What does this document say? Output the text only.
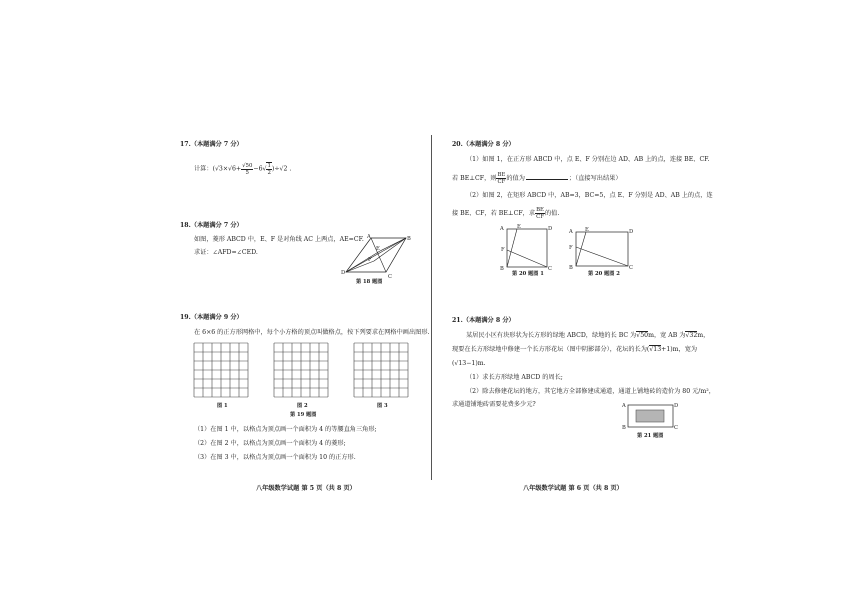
17.（本题满分 7 分）
计算：$(√3\times√6+ \frac{√50}{5} -6√ \frac{1}{2} )\div√2$ .
18.（本题满分 7 分）
如图，菱形 ABCD 中，E、F 是对角线 AC 上两点，AE=CF.
求证：∠AFD=∠CED.
A	B
C
D
E
F
第 18 题图
19.（本题满分 9 分）
在 6×6 的正方形网格中，每个小方格的顶点叫做格点，按下列要求在网格中画出图形.
图 1	图 2	图 3
第 19 题图
（1）在图 1 中，以格点为顶点画一个面积为 4 的等腰直角三角形;
（2）在图 2 中，以格点为顶点画一个面积为 4 的菱形;
（3）在图 3 中，以格点为顶点画一个面积为 10 的正方形.
八年级数学试题 第 5 页（共 8 页）
20.（本题满分 8 分）
（1）如图 1，在正方形 ABCD 中，点 E、F 分别在边 AD、AB 上的点，连接 BE、CF.
若 BE⊥CF，则 $\frac{BE}{CF}$ 的值为	；（直接写出结果）
（2）如图 2，在矩形 ABCD 中，AB=3，BC=5，点 E、F 分别是 AD、AB 上的点，连
接 BE、CF，若 BE⊥CF，求 $\frac{BE}{CF}$ 的值.
A	E	D
F
B	C
第 20 题图 1
A E	D
F
B	C
第 20 题图 2
21.（本题满分 8 分）
某居民小区有块形状为长方形的绿地 ABCD，绿地的长 BC 为√50m，宽 AB 为√32m，
现要在长方形绿地中修建一个长方形花坛（图中阴影部分），花坛的长为(√13+1)m，宽为
(√13−1)m.
（1）求长方形绿地 ABCD 的周长;
（2）除去修建花坛的地方，其它地方全部修建成通道，通道上铺地砖的造价为 80 元/m²，
求通道铺地砖需要花费多少元?	A	D
B	C
第 21 题图
八年级数学试题 第 6 页（共 8 页）
